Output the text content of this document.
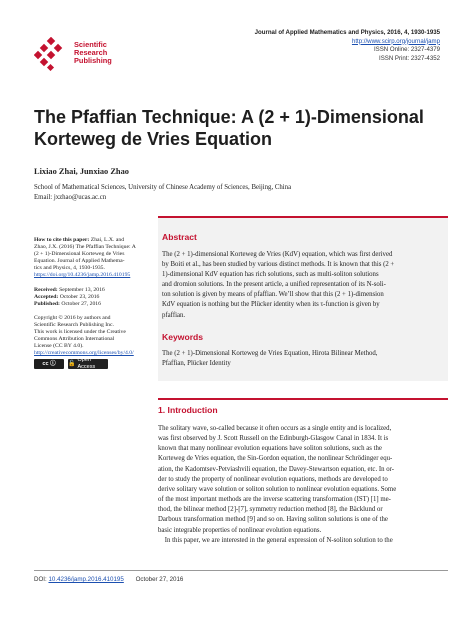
Scientific
Research
Publishing
Journal of Applied Mathematics and Physics, 2016, 4, 1930-1935
http://www.scirp.org/journal/jamp
ISSN Online: 2327-4379
ISSN Print: 2327-4352
The Pfaffian Technique: A (2 + 1)-Dimensional
Korteweg de Vries Equation
Lixiao Zhai, Junxiao Zhao
School of Mathematical Sciences, University of Chinese Academy of Sciences, Beijing, China
Email: jxzhao@ucas.ac.cn
How to cite this paper: Zhai, L.X. and
Zhao, J.X. (2016) The Pfaffian Technique: A
(2 + 1)-Dimensional Korteweg de Vries
Equation. Journal of Applied Mathema-
tics and Physics, 4, 1930-1935.
https://doi.org/10.4236/jamp.2016.410195
Received: September 13, 2016
Accepted: October 23, 2016
Published: October 27, 2016
Copyright © 2016 by authors and
Scientific Research Publishing Inc.
This work is licensed under the Creative
Commons Attribution International
License (CC BY 4.0).
http://creativecommons.org/licenses/by/4.0/
cc ⓘ	🔓
Open Access
Abstract
The (2 + 1)-dimensional Korteweg de Vries (KdV) equation, which was first derived
by Boiti et al., has been studied by various distinct methods. It is known that this (2 +
1)-dimensional KdV equation has rich solutions, such as multi-soliton solutions
and dromion solutions. In the present article, a unified representation of its N-soli-
ton solution is given by means of pfaffian. We’ll show that this (2 + 1)-dimension
KdV equation is nothing but the Plücker identity when its τ-function is given by
pfaffian.
Keywords
The (2 + 1)-Dimensional Korteweg de Vries Equation, Hirota Bilinear Method,
Pfaffian, Plücker Identity
1. Introduction
The solitary wave, so-called because it often occurs as a single entity and is localized,
was first observed by J. Scott Russell on the Edinburgh-Glasgow Canal in 1834. It is
known that many nonlinear evolution equations have soliton solutions, such as the
Korteweg de Vries equation, the Sin-Gordon equation, the nonlinear Schrödinger equ-
ation, the Kadomtsev-Petviashvili equation, the Davey-Stewartson equation, etc. In or-
der to study the property of nonlinear evolution equations, methods are developed to
derive solitary wave solution or soliton solution to nonlinear evolution equations. Some
of the most important methods are the inverse scattering transformation (IST) [1] me-
thod, the bilinear method [2]-[7], symmetry reduction method [8], the Bäcklund or
Darboux transformation method [9] and so on. Having soliton solutions is one of the
basic integrable properties of nonlinear evolution equations.
In this paper, we are interested in the general expression of N-soliton solution to the
DOI: 10.4236/jamp.2016.410195 October 27, 2016
